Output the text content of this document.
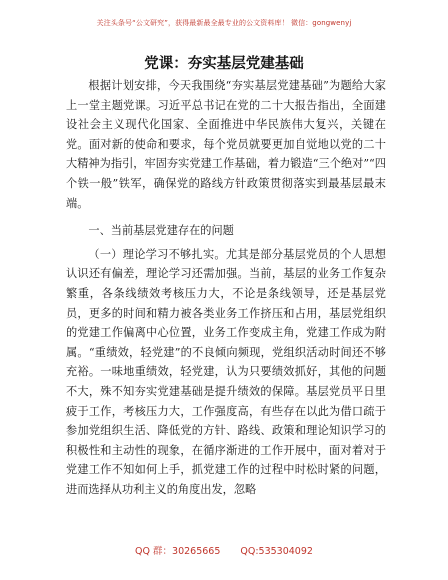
关注头条号“公文研究”，获得最新最全最专业的公文资料库！ 微信：gongwenyj
党课：夯实基层党建基础

根据计划安排，今天我围绕“夯实基层党建基础”为题给大家上一堂主题党课。习近平总书记在党的二十大报告指出，全面建设社会主义现代化国家、全面推进中华民族伟大复兴，关键在党。面对新的使命和要求，每个党员就要更加自觉地以党的二十大精神为指引，牢固夯实党建工作基础，着力锻造“三个绝对”“四个铁一般”铁军，确保党的路线方针政策贯彻落实到最基层最末端。

一、当前基层党建存在的问题

（一）理论学习不够扎实。尤其是部分基层党员的个人思想认识还有偏差，理论学习还需加强。当前，基层的业务工作复杂繁重，各条线绩效考核压力大，不论是条线领导，还是基层党员，更多的时间和精力被各类业务工作挤压和占用，基层党组织的党建工作偏离中心位置，业务工作变成主角，党建工作成为附属。“重绩效，轻党建”的不良倾向频现，党组织活动时间还不够充裕。一味地重绩效，轻党建，认为只要绩效抓好，其他的问题不大，殊不知夯实党建基础是提升绩效的保障。基层党员平日里疲于工作，考核压力大，工作强度高，有些存在以此为借口疏于参加党组织生活、降低党的方针、路线、政策和理论知识学习的积极性和主动性的现象，在循序渐进的工作开展中，面对着对于党建工作不知如何上手，抓党建工作的过程中时松时紧的问题，进而选择从功利主义的角度出发，忽略

QQ 群：30265665 QQ:535304092
